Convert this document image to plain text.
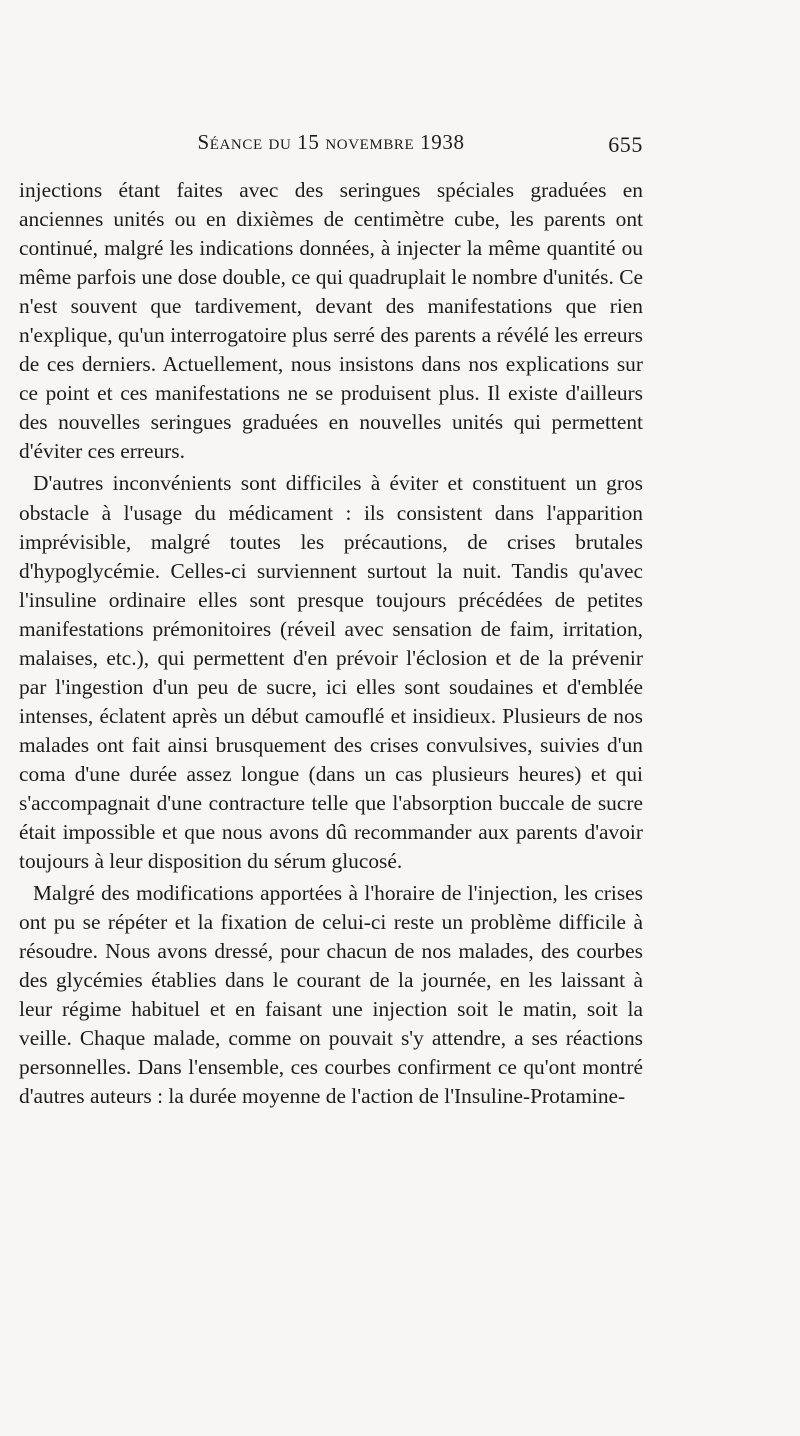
Séance du 15 novembre 1938	655

injections étant faites avec des seringues spéciales graduées en anciennes unités ou en dixièmes de centimètre cube, les parents ont continué, malgré les indications données, à injecter la même quantité ou même parfois une dose double, ce qui quadruplait le nombre d'unités. Ce n'est souvent que tardivement, devant des manifestations que rien n'explique, qu'un interrogatoire plus serré des parents a révélé les erreurs de ces derniers. Actuellement, nous insistons dans nos explications sur ce point et ces manifestations ne se produisent plus. Il existe d'ailleurs des nouvelles seringues graduées en nouvelles unités qui permettent d'éviter ces erreurs.

D'autres inconvénients sont difficiles à éviter et constituent un gros obstacle à l'usage du médicament : ils consistent dans l'apparition imprévisible, malgré toutes les précautions, de crises brutales d'hypoglycémie. Celles-ci surviennent surtout la nuit. Tandis qu'avec l'insuline ordinaire elles sont presque toujours précédées de petites manifestations prémonitoires (réveil avec sensation de faim, irritation, malaises, etc.), qui permettent d'en prévoir l'éclosion et de la prévenir par l'ingestion d'un peu de sucre, ici elles sont soudaines et d'emblée intenses, éclatent après un début camouflé et insidieux. Plusieurs de nos malades ont fait ainsi brusquement des crises convulsives, suivies d'un coma d'une durée assez longue (dans un cas plusieurs heures) et qui s'accompagnait d'une contracture telle que l'absorption buccale de sucre était impossible et que nous avons dû recommander aux parents d'avoir toujours à leur disposition du sérum glucosé.

Malgré des modifications apportées à l'horaire de l'injection, les crises ont pu se répéter et la fixation de celui-ci reste un problème difficile à résoudre. Nous avons dressé, pour chacun de nos malades, des courbes des glycémies établies dans le courant de la journée, en les laissant à leur régime habituel et en faisant une injection soit le matin, soit la veille. Chaque malade, comme on pouvait s'y attendre, a ses réactions personnelles. Dans l'ensemble, ces courbes confirment ce qu'ont montré d'autres auteurs : la durée moyenne de l'action de l'Insuline-Protamine-
